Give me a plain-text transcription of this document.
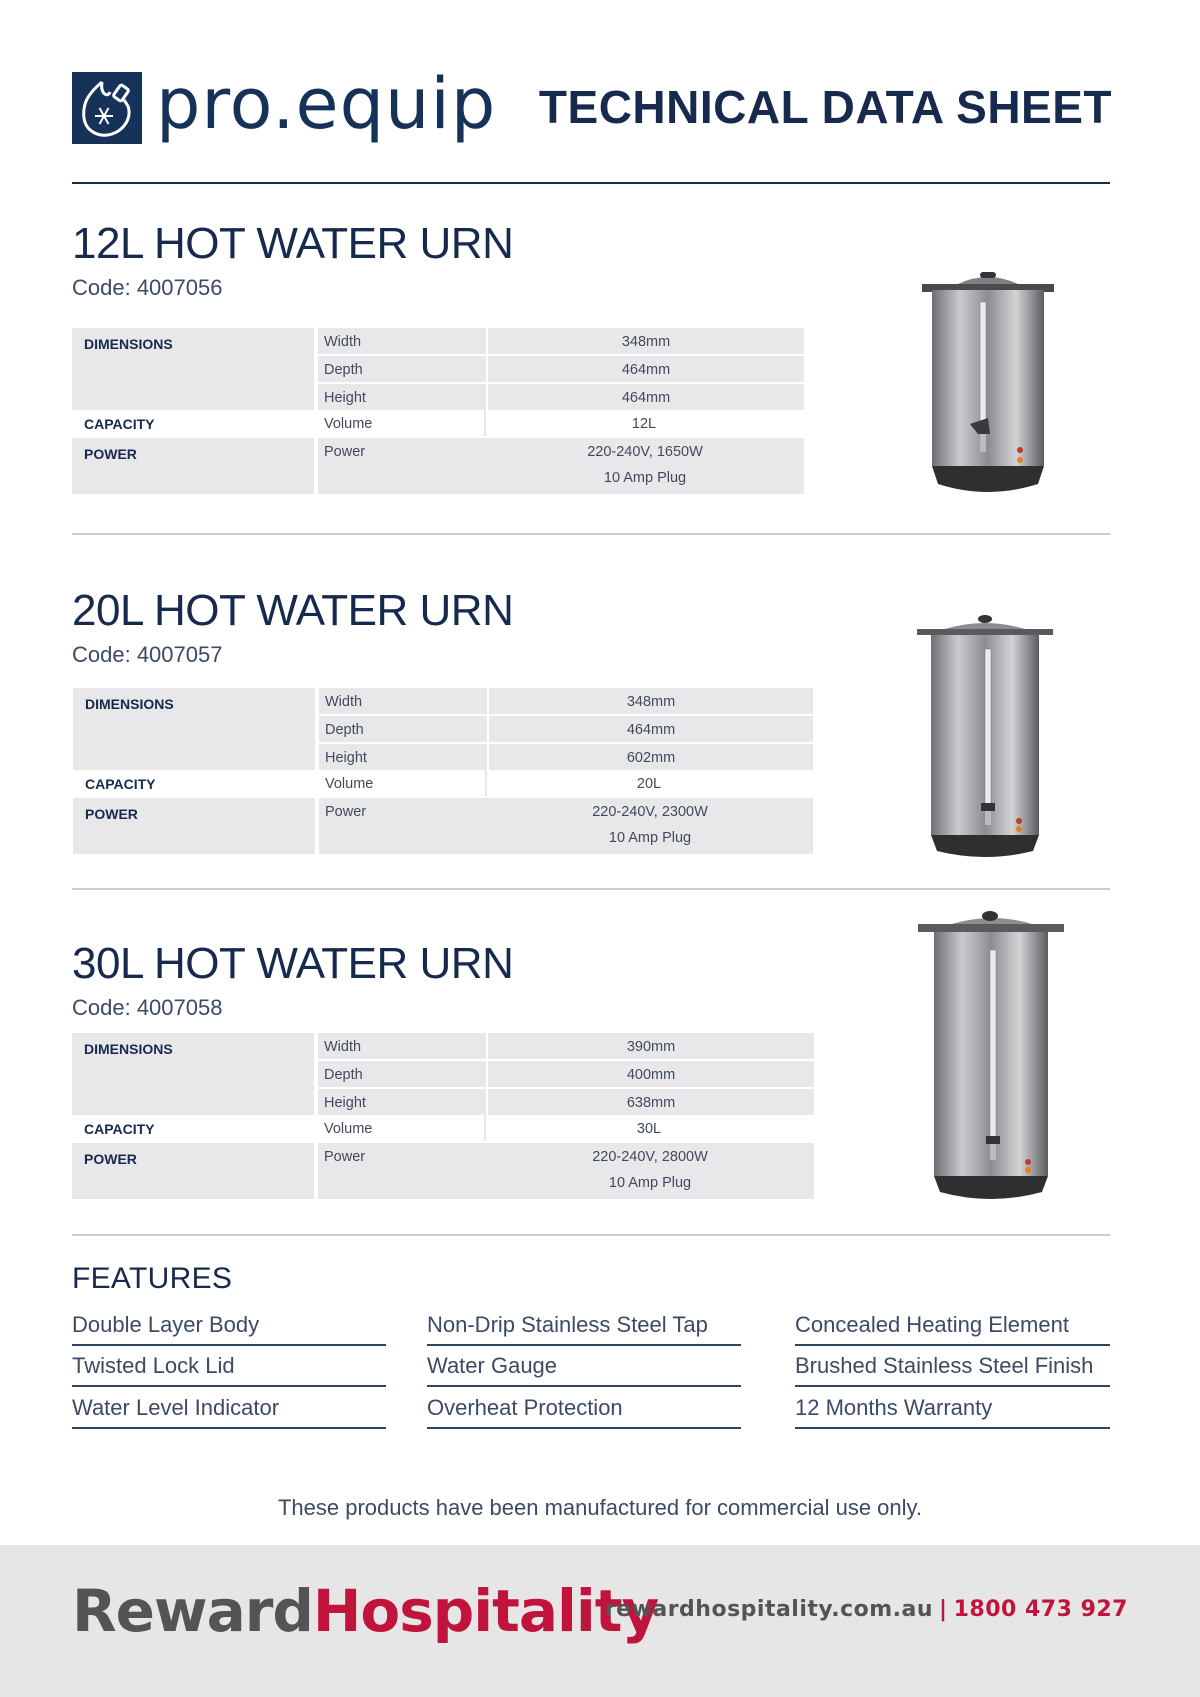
pro.equip TECHNICAL DATA SHEET
12L HOT WATER URN
Code: 4007056
DIMENSIONS	Width	348mm
Depth	464mm
Height	464mm
CAPACITY	Volume	12L
POWER	Power	220-240V, 1650W
10 Amp Plug
20L HOT WATER URN
Code: 4007057
DIMENSIONS	Width	348mm
Depth	464mm
Height	602mm
CAPACITY	Volume	20L
POWER	Power	220-240V, 2300W
10 Amp Plug
30L HOT WATER URN
Code: 4007058
DIMENSIONS	Width	390mm
Depth	400mm
Height	638mm
CAPACITY	Volume	30L
POWER	Power	220-240V, 2800W
10 Amp Plug
FEATURES
Double Layer Body	Non-Drip Stainless Steel Tap	Concealed Heating Element
Twisted Lock Lid	Water Gauge	Brushed Stainless Steel Finish
Water Level Indicator	Overheat Protection	12 Months Warranty
These products have been manufactured for commercial use only.
RewardHospitality
rewardhospitality.com.au | 1800 473 927
